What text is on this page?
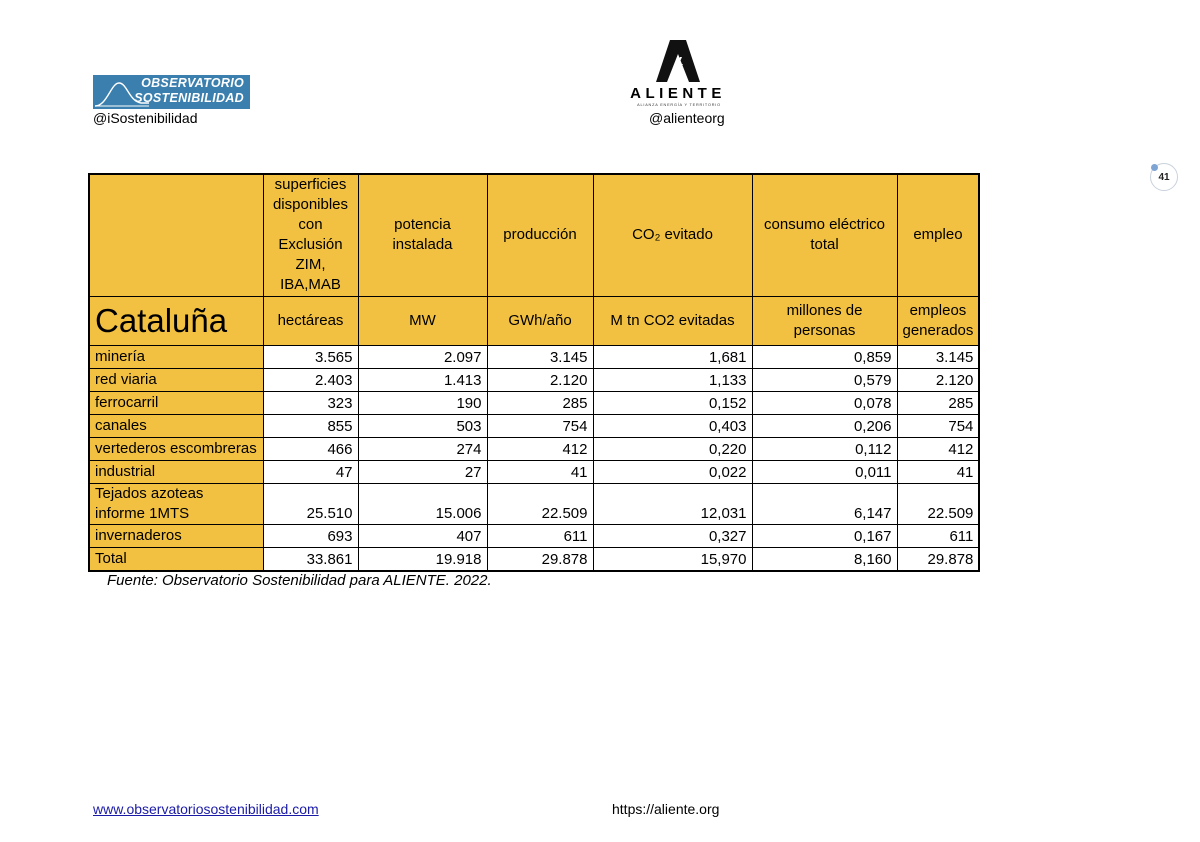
OBSERVATORIO
SOSTENIBILIDAD
@iSostenibilidad
ALIENTE
ALIANZA ENERGÍA Y TERRITORIO
@alienteorg
41
	superficies disponibles con Exclusión ZIM, IBA,MAB	potencia instalada	producción	CO₂ evitado	consumo eléctrico total	empleo
Cataluña	hectáreas	MW	GWh/año	M tn CO2 evitadas	millones de personas	empleos generados
minería	3.565	2.097	3.145	1,681	0,859	3.145
red viaria	2.403	1.413	2.120	1,133	0,579	2.120
ferrocarril	323	190	285	0,152	0,078	285
canales	855	503	754	0,403	0,206	754
vertederos escombreras	466	274	412	0,220	0,112	412
industrial	47	27	41	0,022	0,011	41
Tejados azoteas informe 1MTS	25.510	15.006	22.509	12,031	6,147	22.509
invernaderos	693	407	611	0,327	0,167	611
Total	33.861	19.918	29.878	15,970	8,160	29.878
Fuente: Observatorio Sostenibilidad para ALIENTE. 2022.
www.observatoriosostenibilidad.com	https://aliente.org
